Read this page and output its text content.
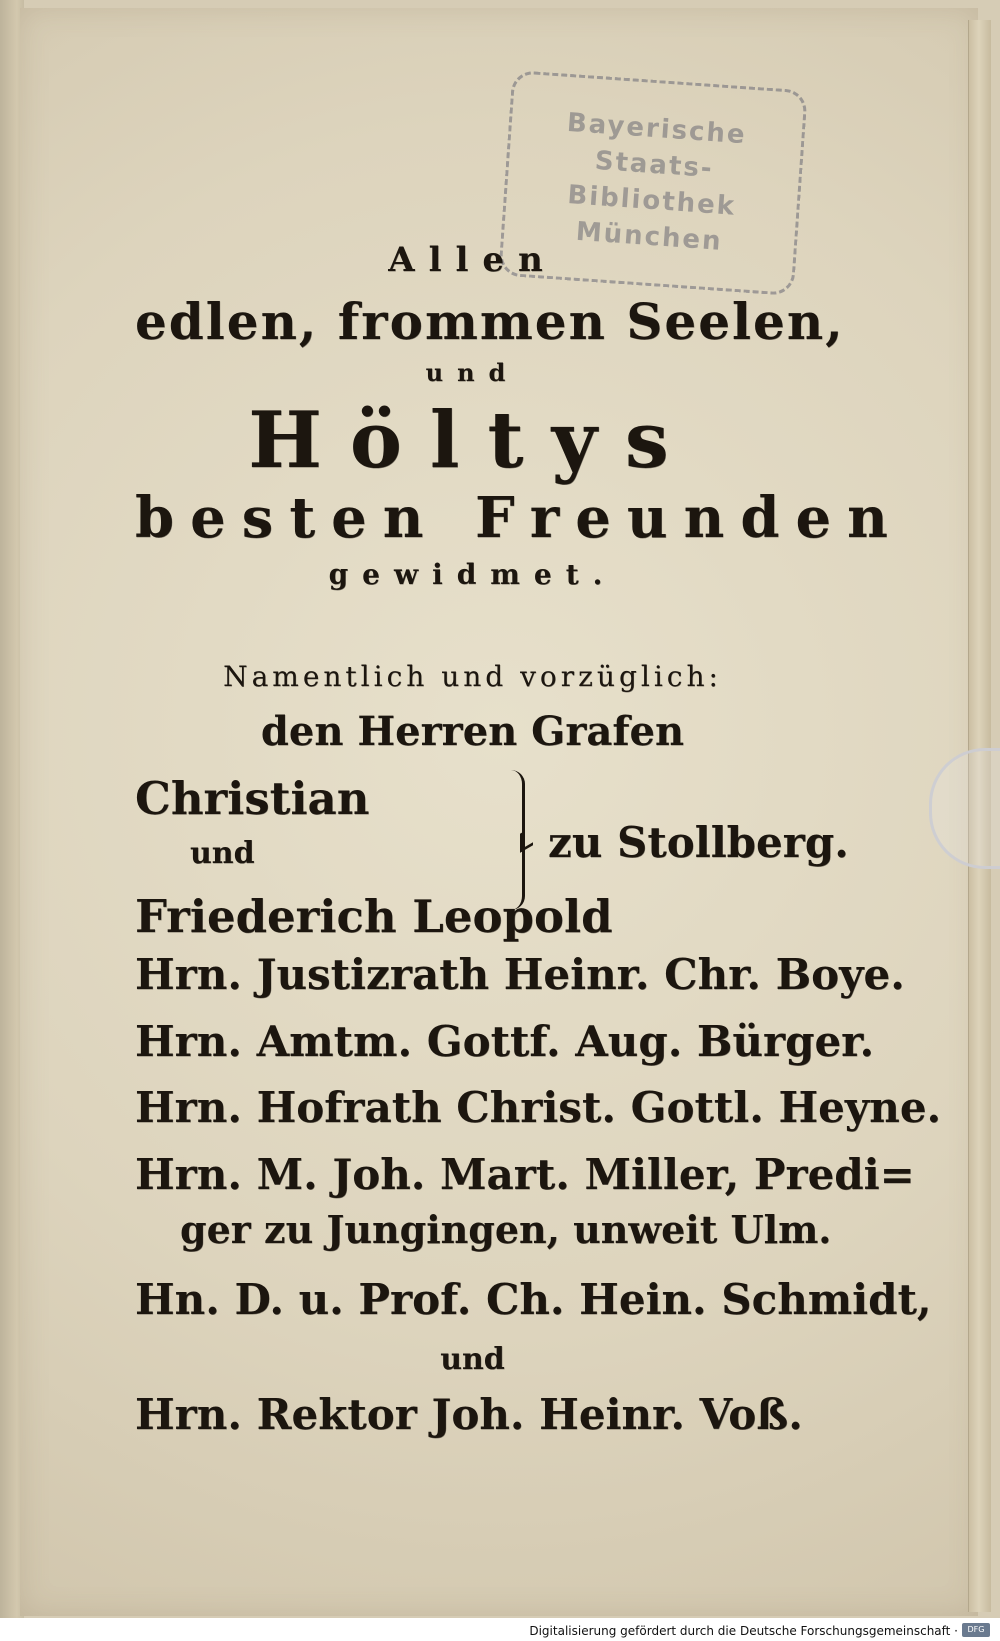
Bayerische
Staats-
Bibliothek
München
Allen
edlen, frommen Seelen,
und
Höltys
besten Freunden
gewidmet.
Namentlich und vorzüglich:
den Herren Grafen
Christian
und
Friederich Leopold
zu Stollberg.
Hrn. Justizrath Heinr. Chr. Boye.
Hrn. Amtm. Gottf. Aug. Bürger.
Hrn. Hofrath Christ. Gottl. Heyne.
Hrn. M. Joh. Mart. Miller, Predi=
ger zu Jungingen, unweit Ulm.
Hn. D. u. Prof. Ch. Hein. Schmidt,
und
Hrn. Rektor Joh. Heinr. Voß.
Digitalisierung gefördert durch die Deutsche Forschungsgemeinschaft ·	DFG
